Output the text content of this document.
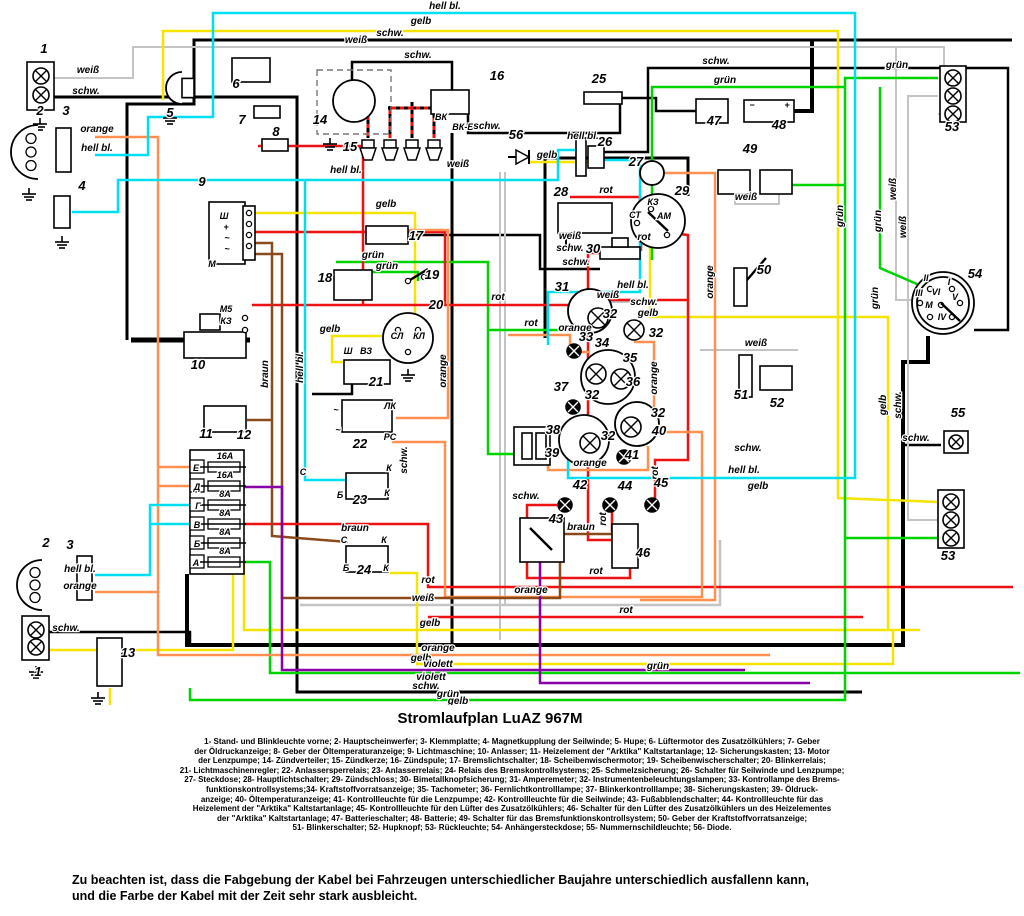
weiß
schw.
orange
hell bl.
hell bl.
gelb
schw.
weiß
schw.
schw.	grün
grün
ВК
ВК-Б schw.
gelb
hell bl.
weiß
hell bl.
weiß
gelb
rot
rot
weiß
schw.
schw.
hell bl.
weiß
schw.
gelb
rot
rot orange
orange
orange
orange
М5
КЗ
М
Ш
+
~
~
grün
grün
gelb
Ш ВЗ
СЛ КЛ
ЛК
~
~
РС
schw.
С	К
Б	К
braun
С	К
Б	К
braun hell bl.	orange
hell bl.
orange
schw.
rot
weiß
gelb
orange
gelb
violett
violett
schw.
grün
gelb
orange
rot
grün
rot
braun
schw.
rot
rot
schw.
hell bl.
gelb
weiß
grün	grün
weiß
weiß
grün
gelb schw.
schw.
КЗ
СТ АМ
I
II
III
IV
V
VI
М
−	+
16А
16А
8А
8А
8А
8А
Е
Д
Г
В
Б
А
1
1
2
2
3
3
4
5
6
7
8
9
10
11 12
13
14
15
16
17
18	19
20
21
22
23
24
25
26
27
28	29
30
31
32
32
32
32
32
33 34
35
36
37
38
39
40
41
42
43
44 45
46
47	48
49
50
51
52
53
53
54
55
56
Stromlaufplan LuAZ 967M
1- Stand- und Blinkleuchte vorne; 2- Hauptscheinwerfer; 3- Klemmplatte; 4- Magnetkupplung der Seilwinde; 5- Hupe; 6- Lüftermotor des Zusatzölkühlers; 7- Geber
der Öldruckanzeige; 8- Geber der Öltemperaturanzeige; 9- Lichtmaschine; 10- Anlasser; 11- Heizelement der "Arktika" Kaltstartanlage; 12- Sicherungskasten; 13- Motor
der Lenzpumpe; 14- Zündverteiler; 15- Zündkerze; 16- Zündspule; 17- Bremslichtschalter; 18- Scheibenwischermotor; 19- Scheibenwischerschalter; 20- Blinkerrelais;
21- Lichtmaschinenregler; 22- Anlassersperrelais; 23- Anlasserrelais; 24- Relais des Bremskontrollsystems; 25- Schmelzsicherung; 26- Schalter für Seilwinde und Lenzpumpe;
27- Steckdose; 28- Hauptlichtschalter; 29- Zündschloss; 30- Bimetallknopfsicherung; 31- Amperemeter; 32- Instrumentenbeleuchtungslampen; 33- Kontrollampe des Brems-
funktionskontrollsystems;34- Kraftstoffvorratsanzeige; 35- Tachometer; 36- Fernlichtkontrolllampe; 37- Blinkerkontrolllampe; 38- Sicherungskasten; 39- Öldruck-
anzeige; 40- Öltemperaturanzeige; 41- Kontrollleuchte für die Lenzpumpe; 42- Kontrollleuchte für die Seilwinde; 43- Fußabblendschalter; 44- Kontrollleuchte für das
Heizelement der "Arktika" Kaltstartanlage; 45- Kontrollleuchte für den Lüfter des Zusatzölkühlers; 46- Schalter für den Lüfter des Zusatzölkühlers un des Heizelementes
der "Arktika" Kaltstartanlage; 47- Batterieschalter; 48- Batterie; 49- Schalter für das Bremsfunktionskontrollsystem; 50- Geber der Kraftstoffvorratsanzeige;
51- Blinkerschalter; 52- Hupknopf; 53- Rückleuchte; 54- Anhängersteckdose; 55- Nummernschildleuchte; 56- Diode.
Zu beachten ist, dass die Fabgebung der Kabel bei Fahrzeugen unterschiedlicher Baujahre unterschiedlich ausfallenn kann,
und die Farbe der Kabel mit der Zeit sehr stark ausbleicht.
